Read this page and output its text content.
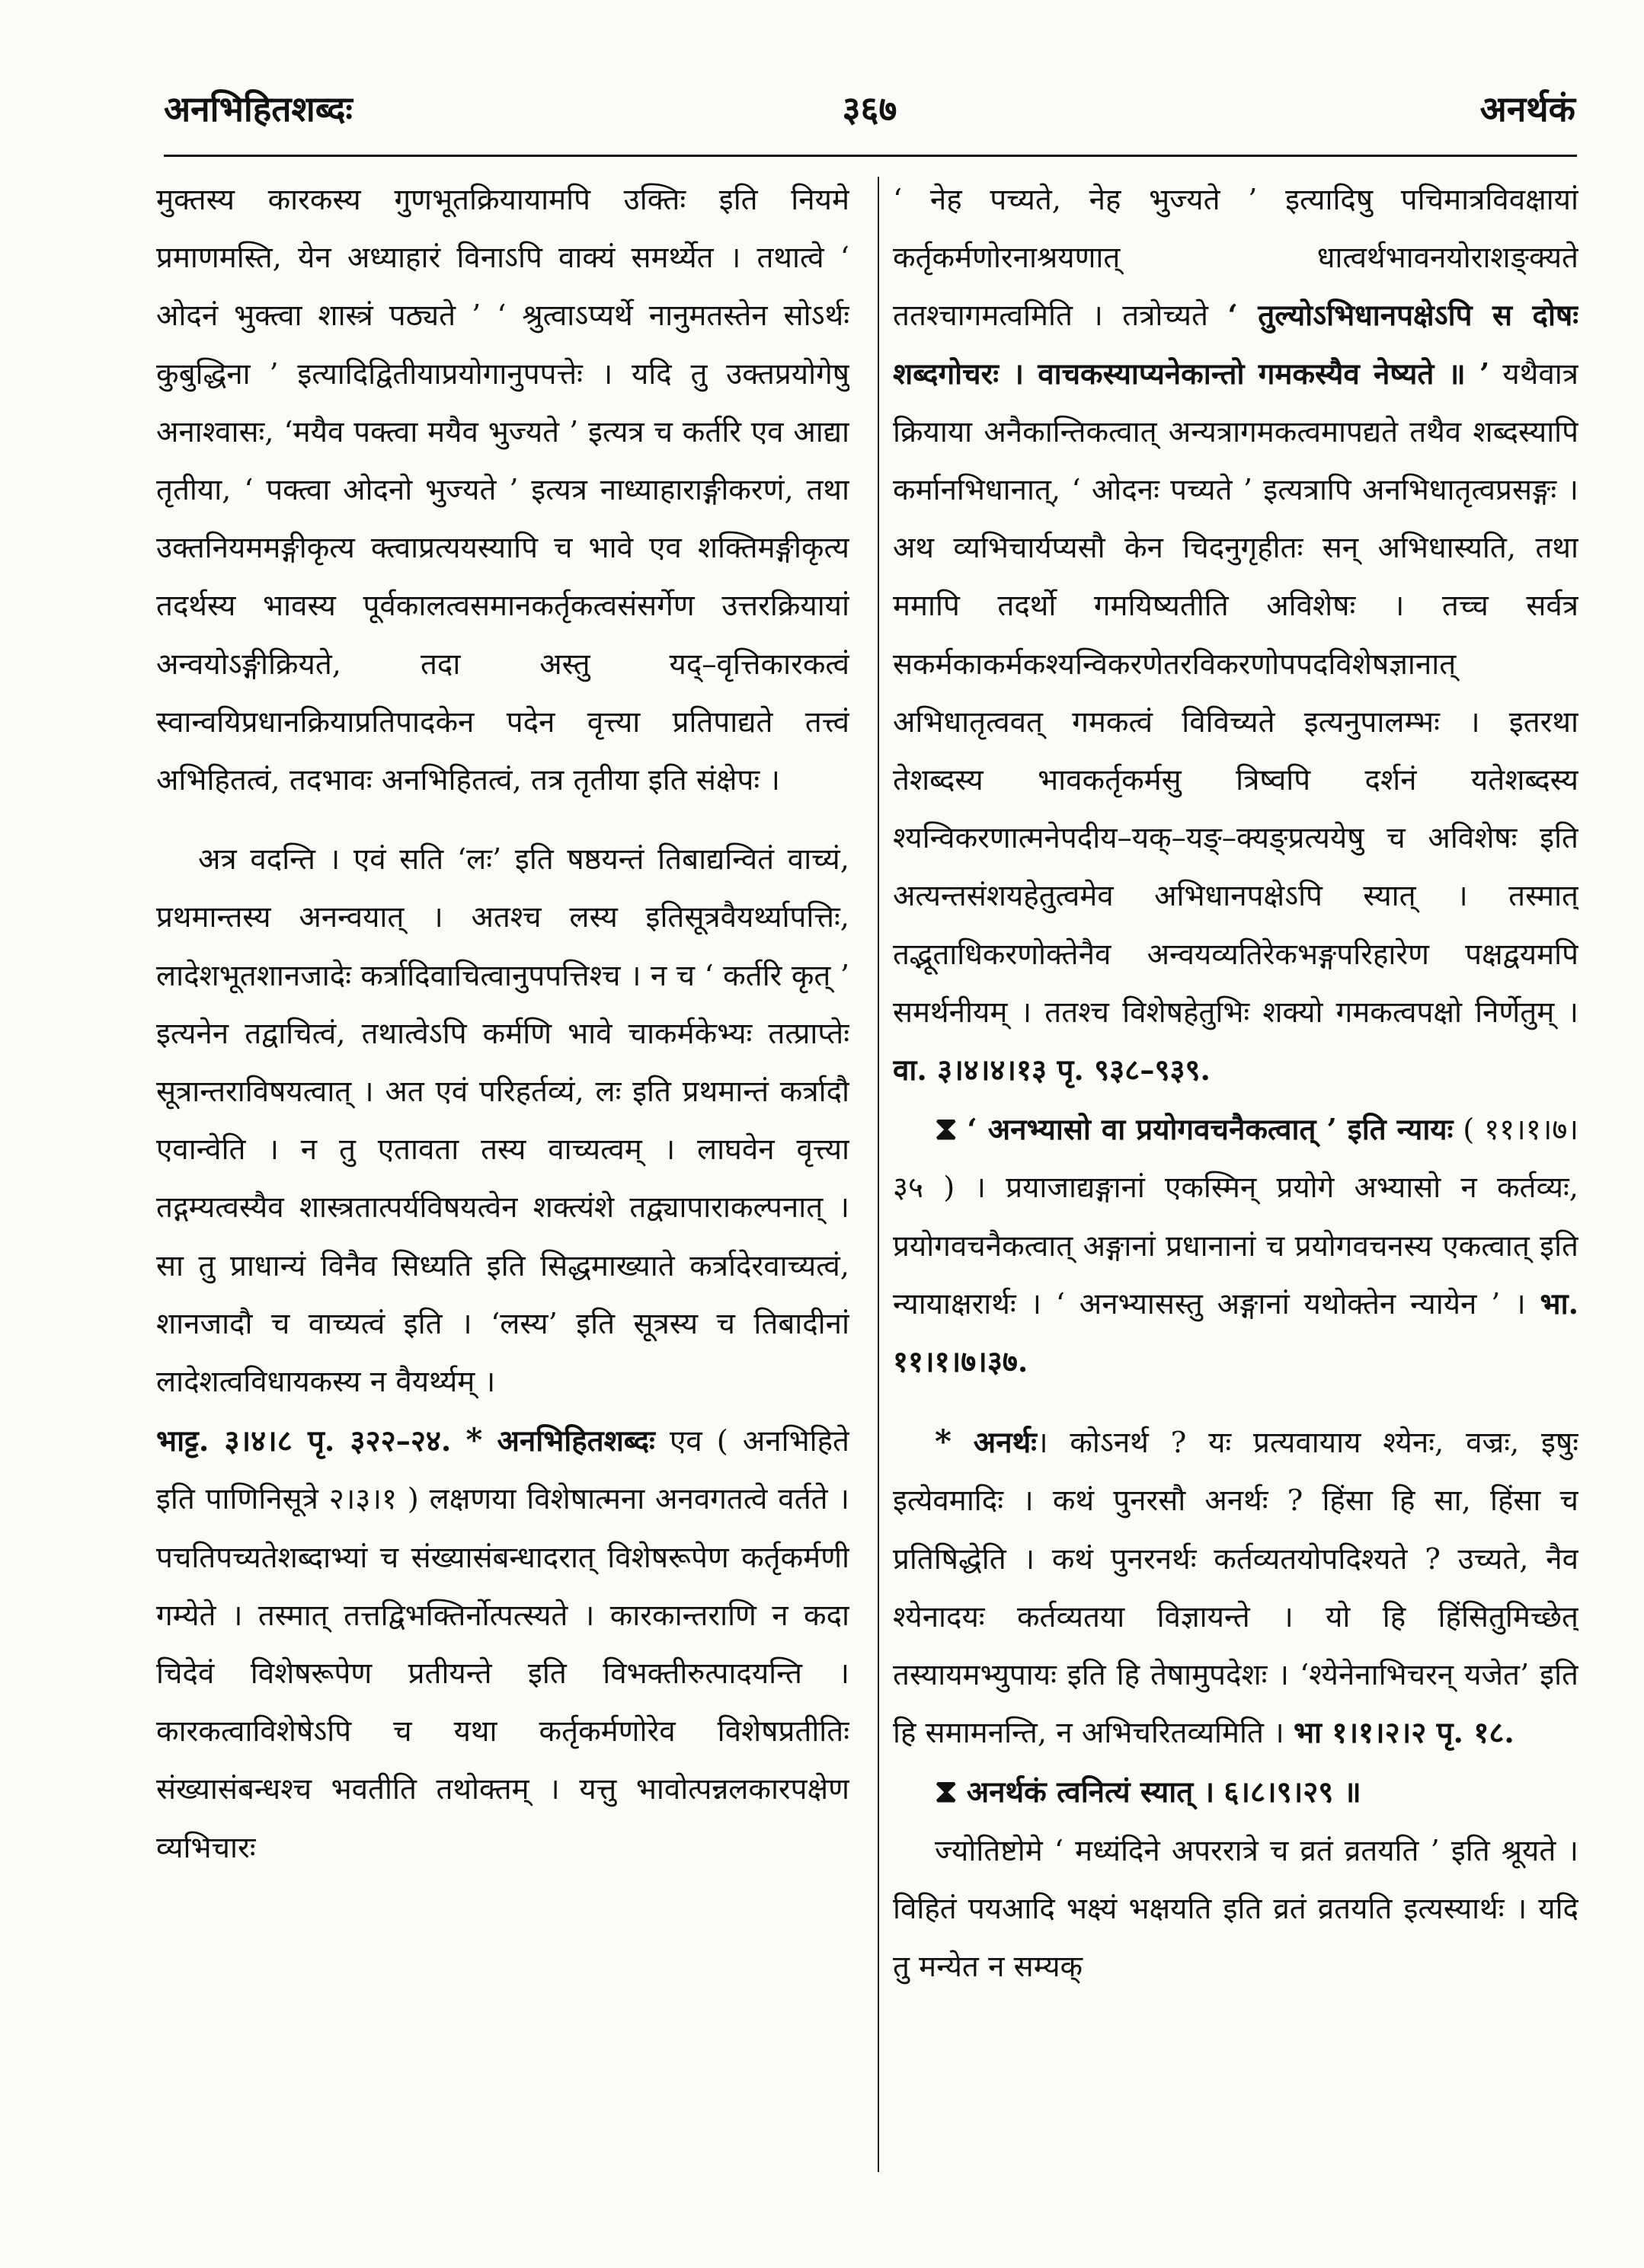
अनभिहितशब्दः	३६७	अनर्थकं

मुक्तस्य कारकस्य गुणभूतक्रियायामपि उक्तिः इति नियमे प्रमाणमस्ति, येन अध्याहारं विनाऽपि वाक्यं समर्थ्येत । तथात्वे ‘ ओदनं भुक्त्वा शास्त्रं पठ्यते ’ ‘ श्रुत्वाऽप्यर्थे नानुमतस्तेन सोऽर्थः कुबुद्धिना ’ इत्यादिद्वितीयाप्रयोगानुपपत्तेः । यदि तु उक्तप्रयोगेषु अनाश्वासः, ‘मयैव पक्त्वा मयैव भुज्यते ’ इत्यत्र च कर्तरि एव आद्या तृतीया, ‘ पक्त्वा ओदनो भुज्यते ’ इत्यत्र नाध्याहाराङ्गीकरणं, तथा उक्तनियममङ्गीकृत्य क्त्वाप्रत्ययस्यापि च भावे एव शक्तिमङ्गीकृत्य तदर्थस्य भावस्य पूर्वकालत्वसमानकर्तृकत्वसंसर्गेण उत्तरक्रियायां अन्वयोऽङ्गीक्रियते, तदा अस्तु यद्–वृत्तिकारकत्वं स्वान्वयिप्रधानक्रियाप्रतिपादकेन पदेन वृत्त्या प्रतिपाद्यते तत्त्वं अभिहितत्वं, तदभावः अनभिहितत्वं, तत्र तृतीया इति संक्षेपः ।

अत्र वदन्ति । एवं सति ‘लः’ इति षष्ठयन्तं तिबाद्यन्वितं वाच्यं, प्रथमान्तस्य अनन्वयात् । अतश्च लस्य इतिसूत्रवैयर्थ्यापत्तिः, लादेशभूतशानजादेः कर्त्रादिवाचित्वानुपपत्तिश्च । न च ‘ कर्तरि कृत् ’ इत्यनेन तद्वाचित्वं, तथात्वेऽपि कर्मणि भावे चाकर्मकेभ्यः तत्प्राप्तेः सूत्रान्तराविषयत्वात् । अत एवं परिहर्तव्यं, लः इति प्रथमान्तं कर्त्रादौ एवान्वेति । न तु एतावता तस्य वाच्यत्वम् । लाघवेन वृत्त्या तद्गम्यत्वस्यैव शास्त्रतात्पर्यविषयत्वेन शक्त्यंशे तद्व्यापाराकल्पनात् । सा तु प्राधान्यं विनैव सिध्यति इति सिद्धमाख्याते कर्त्रादेरवाच्यत्वं, शानजादौ च वाच्यत्वं इति । ‘लस्य’ इति सूत्रस्य च तिबादीनां लादेशत्वविधायकस्य न वैयर्थ्यम् ।

भाट्ट. ३।४।८ पृ. ३२२–२४. * अनभिहितशब्दः एव ( अनभिहिते इति पाणिनिसूत्रे २।३।१ ) लक्षणया विशेषात्मना अनवगतत्वे वर्तते । पचतिपच्यतेशब्दाभ्यां च संख्यासंबन्धादरात् विशेषरूपेण कर्तृकर्मणी गम्येते । तस्मात् तत्तद्विभक्तिर्नोत्पत्स्यते । कारकान्तराणि न कदा चिदेवं विशेषरूपेण प्रतीयन्ते इति विभक्तीरुत्पादयन्ति । कारकत्वाविशेषेऽपि च यथा कर्तृकर्मणोरेव विशेषप्रतीतिः संख्यासंबन्धश्च भवतीति तथोक्तम् । यत्तु भावोत्पन्नलकारपक्षेण व्यभिचारः

‘ नेह पच्यते, नेह भुज्यते ’ इत्यादिषु पचिमात्रविवक्षायां कर्तृकर्मणोरनाश्रयणात् धात्वर्थभावनयोराशङ्क्यते ततश्चागमत्वमिति । तत्रोच्यते ‘ तुल्योऽभिधानपक्षेऽपि स दोषः शब्दगोचरः । वाचकस्याप्यनेकान्तो गमकस्यैव नेष्यते ॥ ’ यथैवात्र क्रियाया अनैकान्तिकत्वात् अन्यत्रागमकत्वमापद्यते तथैव शब्दस्यापि कर्मानभिधानात्, ‘ ओदनः पच्यते ’ इत्यत्रापि अनभिधातृत्वप्रसङ्गः । अथ व्यभिचार्यप्यसौ केन चिदनुगृहीतः सन् अभिधास्यति, तथा ममापि तदर्थो गमयिष्यतीति अविशेषः । तच्च सर्वत्र सकर्मकाकर्मकश्यन्विकरणेतरविकरणोपपदविशेषज्ञानात् अभिधातृत्ववत् गमकत्वं विविच्यते इत्यनुपालम्भः । इतरथा तेशब्दस्य भावकर्तृकर्मसु त्रिष्वपि दर्शनं यतेशब्दस्य श्यन्विकरणात्मनेपदीय–यक्–यङ्–क्यङ्प्रत्ययेषु च अविशेषः इति अत्यन्तसंशयहेतुत्वमेव अभिधानपक्षेऽपि स्यात् । तस्मात् तद्भूताधिकरणोक्तेनैव अन्वयव्यतिरेकभङ्गपरिहारेण पक्षद्वयमपि समर्थनीयम् । ततश्च विशेषहेतुभिः शक्यो गमकत्वपक्षो निर्णेतुम् । वा. ३।४।४।१३ पृ. ९३८–९३९.

⧗ ‘ अनभ्यासो वा प्रयोगवचनैकत्वात् ’ इति न्यायः ( ११।१।७।३५ ) । प्रयाजाद्यङ्गानां एकस्मिन् प्रयोगे अभ्यासो न कर्तव्यः, प्रयोगवचनैकत्वात् अङ्गानां प्रधानानां च प्रयोगवचनस्य एकत्वात् इति न्यायाक्षरार्थः । ‘ अनभ्यासस्तु अङ्गानां यथोक्तेन न्यायेन ’ । भा. ११।१।७।३७.

* अनर्थः। कोऽनर्थ ? यः प्रत्यवायाय श्येनः, वज्रः, इषुः इत्येवमादिः । कथं पुनरसौ अनर्थः ? हिंसा हि सा, हिंसा च प्रतिषिद्धेति । कथं पुनरनर्थः कर्तव्यतयोपदिश्यते ? उच्यते, नैव श्येनादयः कर्तव्यतया विज्ञायन्ते । यो हि हिंसितुमिच्छेत् तस्यायमभ्युपायः इति हि तेषामुपदेशः । ‘श्येनेनाभिचरन् यजेत’ इति हि समामनन्ति, न अभिचरितव्यमिति । भा १।१।२।२ पृ. १८.

⧗ अनर्थकं त्वनित्यं स्यात् । ६।८।९।२९ ॥

ज्योतिष्टोमे ‘ मध्यंदिने अपररात्रे च व्रतं व्रतयति ’ इति श्रूयते । विहितं पयआदि भक्ष्यं भक्षयति इति व्रतं व्रतयति इत्यस्यार्थः । यदि तु मन्येत न सम्यक्
